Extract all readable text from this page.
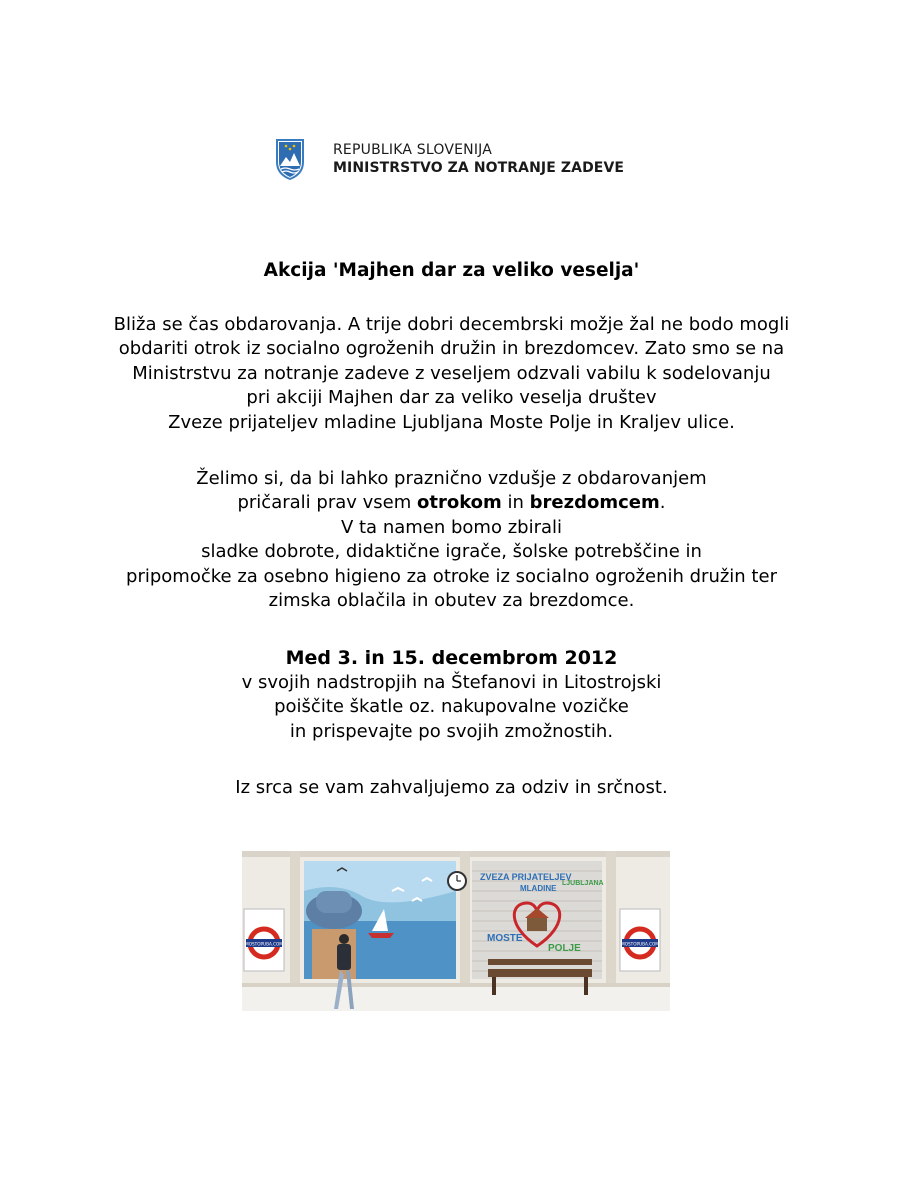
REPUBLIKA SLOVENIJA
MINISTRSTVO ZA NOTRANJE ZADEVE
Akcija 'Majhen dar za veliko veselja'

Bliža se čas obdarovanja. A trije dobri decembrski možje žal ne bodo mogli

obdariti otrok iz socialno ogroženih družin in brezdomcev. Zato smo se na

Ministrstvu za notranje zadeve z veseljem odzvali vabilu k sodelovanju

pri akciji Majhen dar za veliko veselja društev

Zveze prijateljev mladine Ljubljana Moste Polje in Kraljev ulice.

Želimo si, da bi lahko praznično vzdušje z obdarovanjem

pričarali prav vsem otrokom in brezdomcem.

V ta namen bomo zbirali

sladke dobrote, didaktične igrače, šolske potrebščine in

pripomočke za osebno higieno za otroke iz socialno ogroženih družin ter

zimska oblačila in obutev za brezdomce.

Med 3. in 15. decembrom 2012

v svojih nadstropjih na Štefanovi in Litostrojski

poiščite škatle oz. nakupovalne vozičke

in prispevajte po svojih zmožnostih.

Iz srca se vam zahvaljujemo za odziv in srčnost.

ZVEZA PRIJATELJEV
MLADINE
LJUBLJANA
MOSTE
POLJE
MOSTOPUBA.COM	MOSTOPUBA.COM
